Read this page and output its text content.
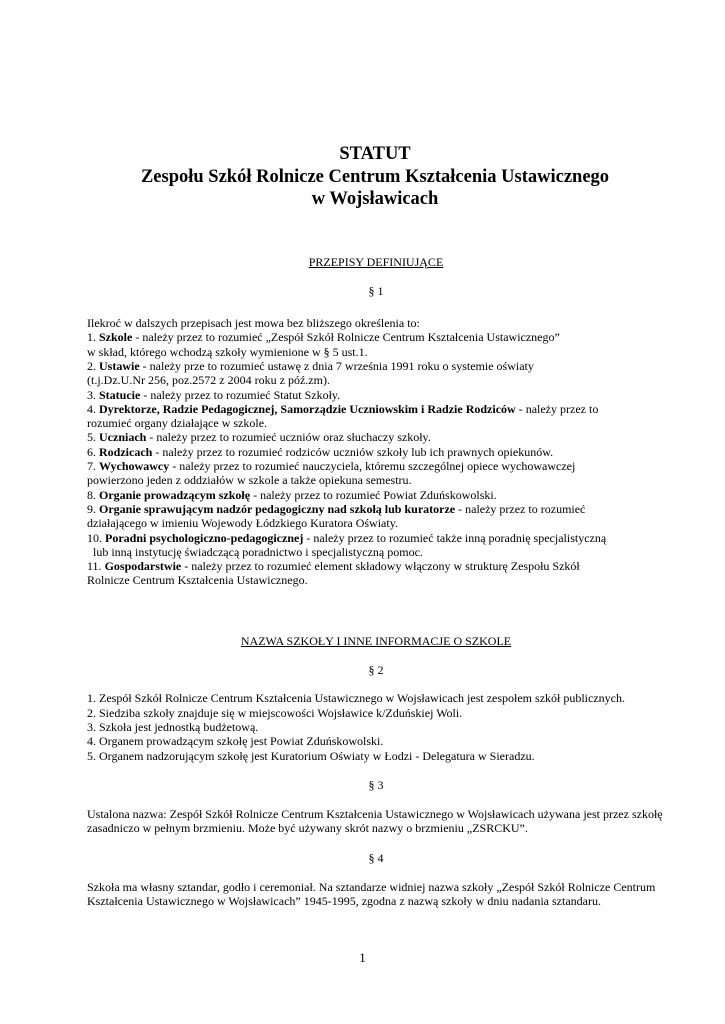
STATUT
Zespołu Szkół Rolnicze Centrum Kształcenia Ustawicznego
w Wojsławicach
PRZEPISY DEFINIUJĄCE
§ 1
Ilekroć w dalszych przepisach jest mowa bez bliższego określenia to:
1. Szkole - należy przez to rozumieć „Zespół Szkół Rolnicze Centrum Kształcenia Ustawicznego”
w skład, którego wchodzą szkoły wymienione w § 5 ust.1.
2. Ustawie - należy prze to rozumieć ustawę z dnia 7 września 1991 roku o systemie oświaty
(t.j.Dz.U.Nr 256, poz.2572 z 2004 roku z póź.zm).
3. Statucie - należy przez to rozumieć Statut Szkoły.
4. Dyrektorze, Radzie Pedagogicznej, Samorządzie Uczniowskim i Radzie Rodziców - należy przez to
rozumieć organy działające w szkole.
5. Uczniach - należy przez to rozumieć uczniów oraz słuchaczy szkoły.
6. Rodzicach - należy przez to rozumieć rodziców uczniów szkoły lub ich prawnych opiekunów.
7. Wychowawcy - należy przez to rozumieć nauczyciela, któremu szczególnej opiece wychowawczej
powierzono jeden z oddziałów w szkole a także opiekuna semestru.
8. Organie prowadzącym szkołę - należy przez to rozumieć Powiat Zduńskowolski.
9. Organie sprawującym nadzór pedagogiczny nad szkołą lub kuratorze - należy przez to rozumieć
działającego w imieniu Wojewody Łódzkiego Kuratora Oświaty.
10. Poradni psychologiczno-pedagogicznej - należy przez to rozumieć także inną poradnię specjalistyczną
lub inną instytucję świadczącą poradnictwo i specjalistyczną pomoc.
11. Gospodarstwie - należy przez to rozumieć element składowy włączony w strukturę Zespołu Szkół
Rolnicze Centrum Kształcenia Ustawicznego.
NAZWA SZKOŁY I INNE INFORMACJE O SZKOLE
§ 2
1. Zespół Szkół Rolnicze Centrum Kształcenia Ustawicznego w Wojsławicach jest zespołem szkół publicznych.
2. Siedziba szkoły znajduje się w miejscowości Wojsławice k/Zduńskiej Woli.
3. Szkoła jest jednostką budżetową.
4. Organem prowadzącym szkołę jest Powiat Zduńskowolski.
5. Organem nadzorującym szkołę jest Kuratorium Oświaty w Łodzi - Delegatura w Sieradzu.
§ 3
Ustalona nazwa: Zespół Szkół Rolnicze Centrum Kształcenia Ustawicznego w Wojsławicach używana jest przez szkołę zasadniczo w pełnym brzmieniu. Może być używany skrót nazwy o brzmieniu „ZSRCKU”.
§ 4
Szkoła ma własny sztandar, godło i ceremoniał. Na sztandarze widniej nazwa szkoły „Zespół Szkół Rolnicze Centrum Kształcenia Ustawicznego w Wojsławicach” 1945-1995, zgodna z nazwą szkoły w dniu nadania sztandaru.
1
